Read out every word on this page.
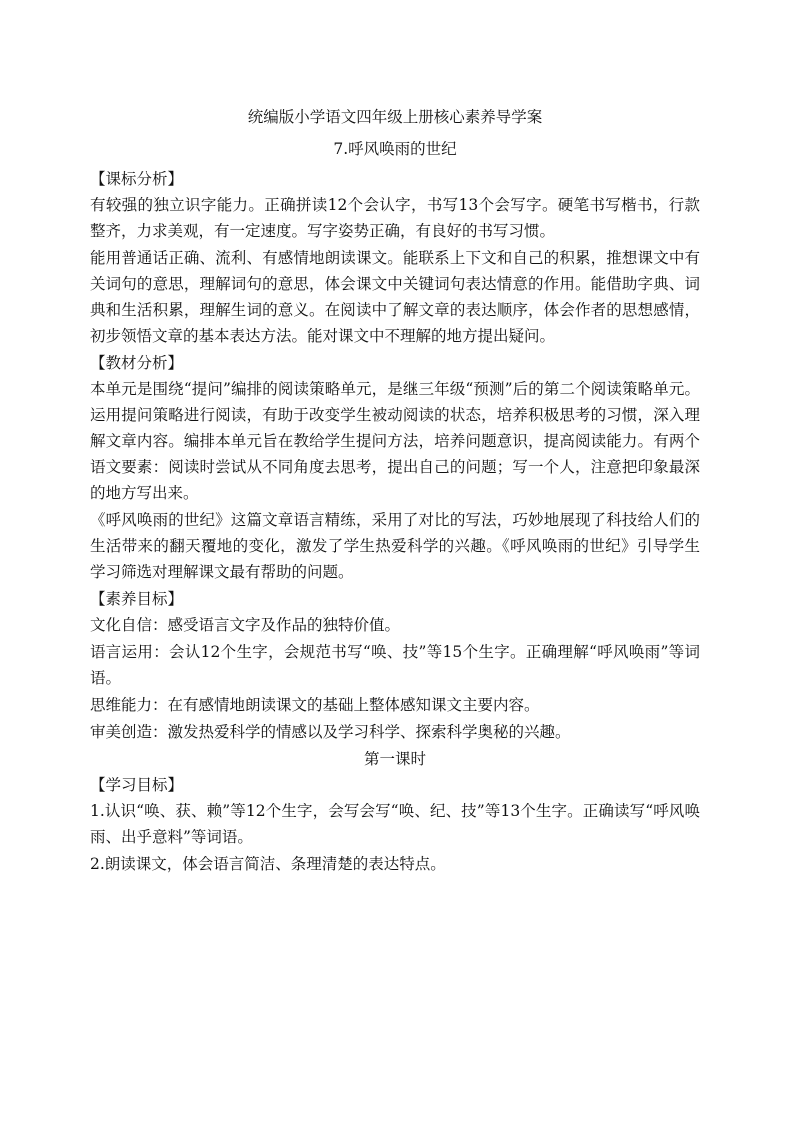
统编版小学语文四年级上册核心素养导学案

7.呼风唤雨的世纪

【课标分析】

有较强的独立识字能力。正确拼读12个会认字，书写13个会写字。硬笔书写楷书，行款整齐，力求美观，有一定速度。写字姿势正确，有良好的书写习惯。

能用普通话正确、流利、有感情地朗读课文。能联系上下文和自己的积累，推想课文中有关词句的意思，理解词句的意思，体会课文中关键词句表达情意的作用。能借助字典、词典和生活积累，理解生词的意义。在阅读中了解文章的表达顺序，体会作者的思想感情，初步领悟文章的基本表达方法。能对课文中不理解的地方提出疑问。

【教材分析】

本单元是围绕“提问”编排的阅读策略单元，是继三年级“预测”后的第二个阅读策略单元。运用提问策略进行阅读，有助于改变学生被动阅读的状态，培养积极思考的习惯，深入理解文章内容。编排本单元旨在教给学生提问方法，培养问题意识，提高阅读能力。有两个语文要素：阅读时尝试从不同角度去思考，提出自己的问题；写一个人，注意把印象最深的地方写出来。

《呼风唤雨的世纪》这篇文章语言精练，采用了对比的写法，巧妙地展现了科技给人们的生活带来的翻天覆地的变化，激发了学生热爱科学的兴趣。《呼风唤雨的世纪》引导学生学习筛选对理解课文最有帮助的问题。

【素养目标】

文化自信：感受语言文字及作品的独特价值。

语言运用：会认12个生字，会规范书写“唤、技”等15个生字。正确理解“呼风唤雨”等词语。

思维能力：在有感情地朗读课文的基础上整体感知课文主要内容。

审美创造：激发热爱科学的情感以及学习科学、探索科学奥秘的兴趣。

第一课时

【学习目标】

1.认识“唤、获、赖”等12个生字，会写会写“唤、纪、技”等13个生字。正确读写“呼风唤雨、出乎意料”等词语。

2.朗读课文，体会语言简洁、条理清楚的表达特点。
